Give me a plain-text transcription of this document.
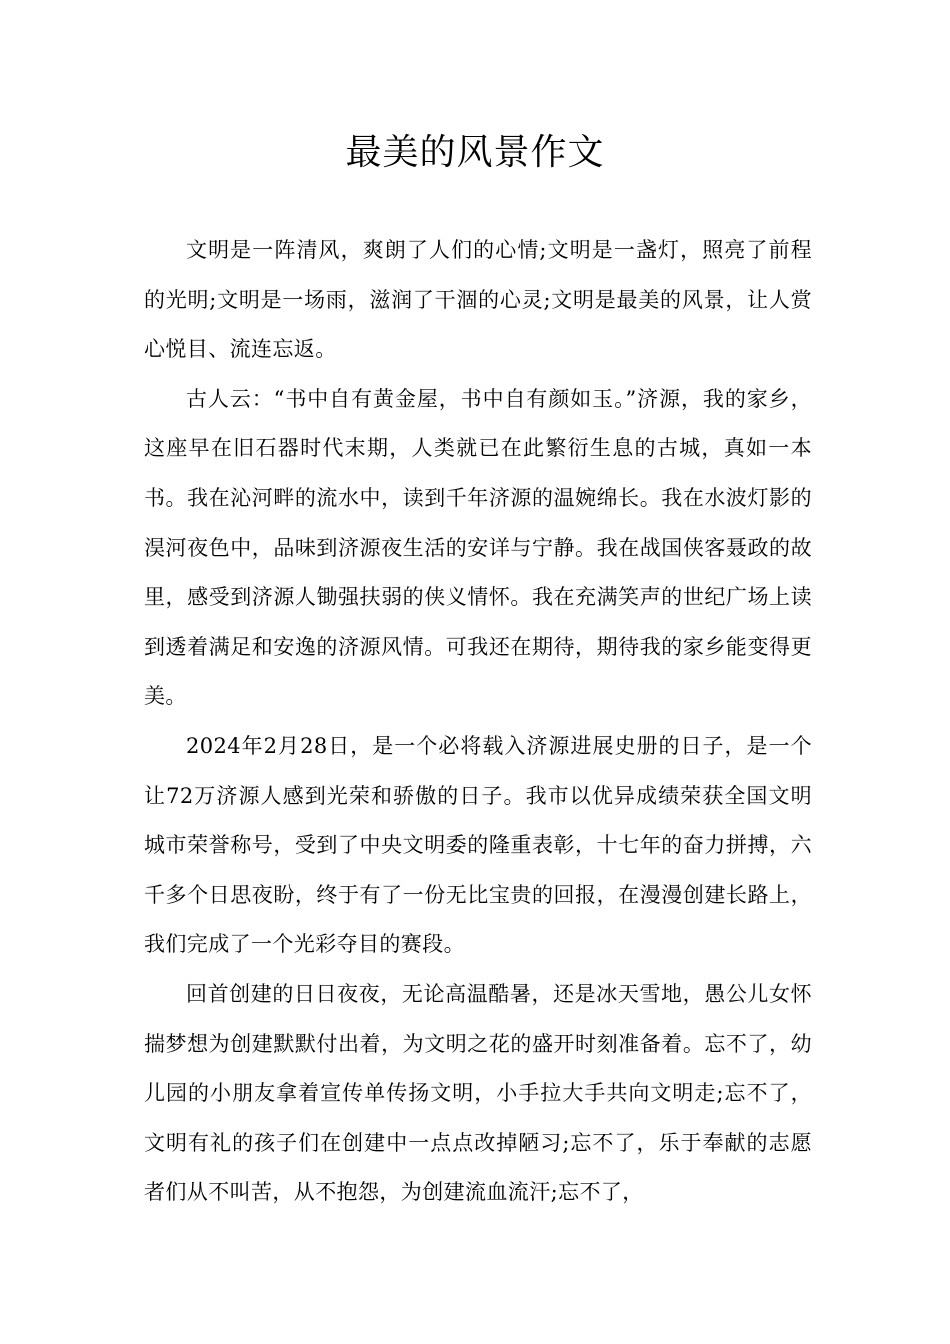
最美的风景作文

文明是一阵清风，爽朗了人们的心情;文明是一盏灯，照亮了前程的光明;文明是一场雨，滋润了干涸的心灵;文明是最美的风景，让人赏心悦目、流连忘返。

古人云：“书中自有黄金屋，书中自有颜如玉。”济源，我的家乡，这座早在旧石器时代末期，人类就已在此繁衍生息的古城，真如一本书。我在沁河畔的流水中，读到千年济源的温婉绵长。我在水波灯影的淏河夜色中，品味到济源夜生活的安详与宁静。我在战国侠客聂政的故里，感受到济源人锄强扶弱的侠义情怀。我在充满笑声的世纪广场上读到透着满足和安逸的济源风情。可我还在期待，期待我的家乡能变得更美。

2024年2月28日，是一个必将载入济源进展史册的日子，是一个让72万济源人感到光荣和骄傲的日子。我市以优异成绩荣获全国文明城市荣誉称号，受到了中央文明委的隆重表彰，十七年的奋力拼搏，六千多个日思夜盼，终于有了一份无比宝贵的回报，在漫漫创建长路上，我们完成了一个光彩夺目的赛段。

回首创建的日日夜夜，无论高温酷暑，还是冰天雪地，愚公儿女怀揣梦想为创建默默付出着，为文明之花的盛开时刻准备着。忘不了，幼儿园的小朋友拿着宣传单传扬文明，小手拉大手共向文明走;忘不了，文明有礼的孩子们在创建中一点点改掉陋习;忘不了，乐于奉献的志愿者们从不叫苦，从不抱怨，为创建流血流汗;忘不了，
